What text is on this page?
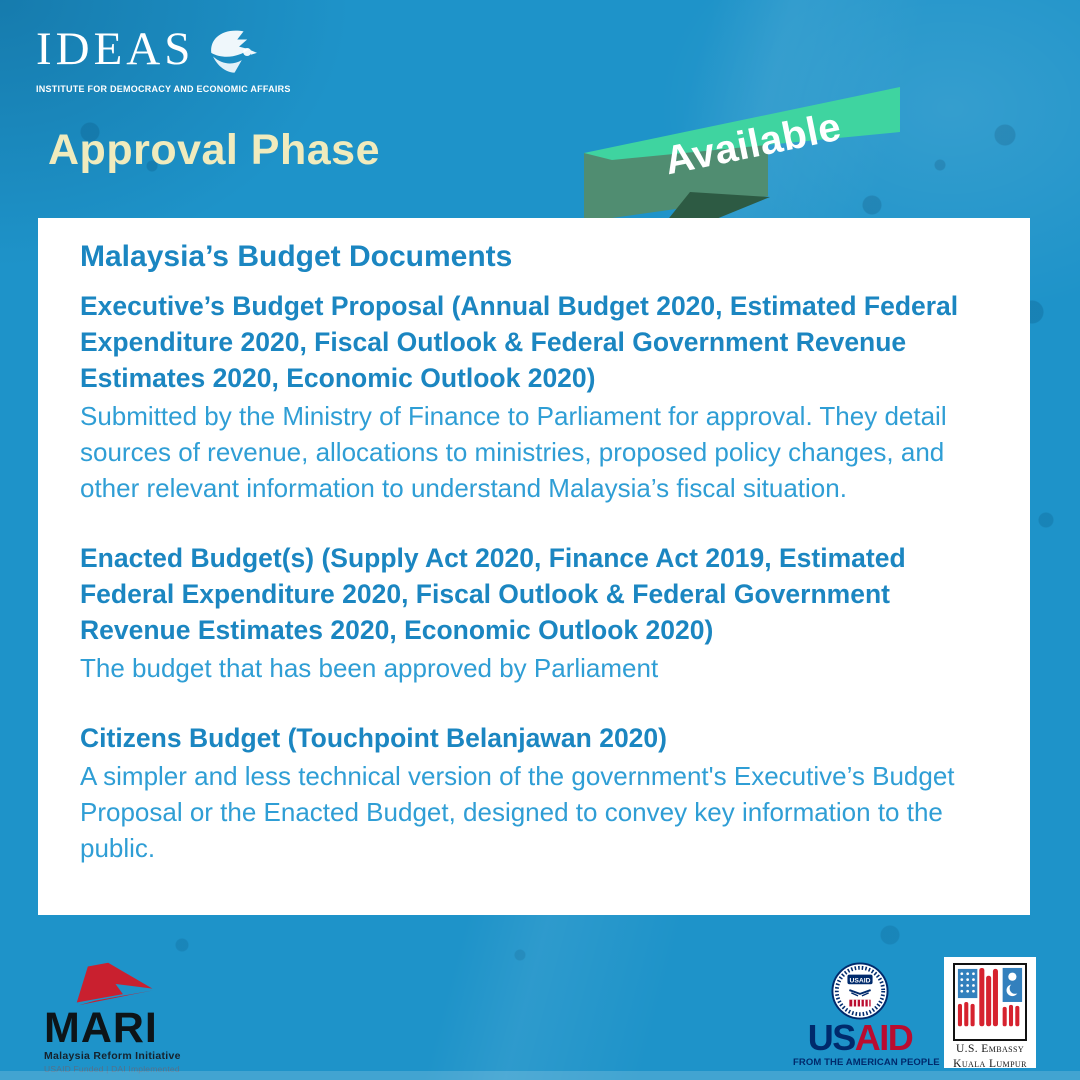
IDEAS
INSTITUTE FOR DEMOCRACY AND ECONOMIC AFFAIRS
Approval Phase	Available
Malaysia’s Budget Documents

Executive’s Budget Proposal (Annual Budget 2020, Estimated Federal Expenditure 2020, Fiscal Outlook & Federal Government Revenue Estimates 2020, Economic Outlook 2020)

Submitted by the Ministry of Finance to Parliament for approval. They detail sources of revenue, allocations to ministries, proposed policy changes, and other relevant information to understand Malaysia’s fiscal situation.

Enacted Budget(s) (Supply Act 2020, Finance Act 2019, Estimated Federal Expenditure 2020, Fiscal Outlook & Federal Government Revenue Estimates 2020, Economic Outlook 2020)

The budget that has been approved by Parliament

Citizens Budget (Touchpoint Belanjawan 2020)

A simpler and less technical version of the government's Executive’s Budget Proposal or the Enacted Budget, designed to convey key information to the public.

MARI
Malaysia Reform Initiative
USAID Funded | DAI Implemented
USAID
USAID
FROM THE AMERICAN PEOPLE
U.S. Embassy
Kuala Lumpur
